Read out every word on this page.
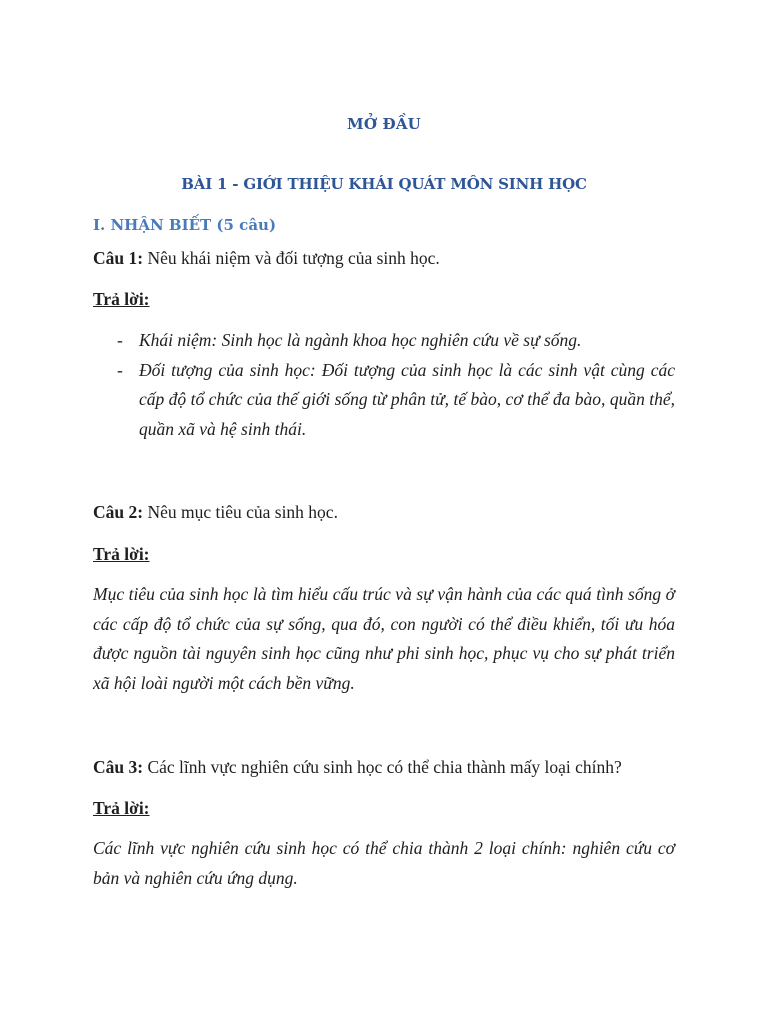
MỞ ĐẦU
BÀI 1 - GIỚI THIỆU KHÁI QUÁT MÔN SINH HỌC
I. NHẬN BIẾT (5 câu)
Câu 1: Nêu khái niệm và đối tượng của sinh học.
Trả lời:
- Khái niệm: Sinh học là ngành khoa học nghiên cứu về sự sống.
- Đối tượng của sinh học: Đối tượng của sinh học là các sinh vật cùng các cấp độ tổ chức của thế giới sống từ phân tử, tế bào, cơ thể đa bào, quần thể, quần xã và hệ sinh thái.
Câu 2: Nêu mục tiêu của sinh học.
Trả lời:
Mục tiêu của sinh học là tìm hiểu cấu trúc và sự vận hành của các quá tình sống ở các cấp độ tổ chức của sự sống, qua đó, con người có thể điều khiển, tối ưu hóa được nguồn tài nguyên sinh học cũng như phi sinh học, phục vụ cho sự phát triển xã hội loài người một cách bền vững.
Câu 3: Các lĩnh vực nghiên cứu sinh học có thể chia thành mấy loại chính?
Trả lời:
Các lĩnh vực nghiên cứu sinh học có thể chia thành 2 loại chính: nghiên cứu cơ bản và nghiên cứu ứng dụng.
